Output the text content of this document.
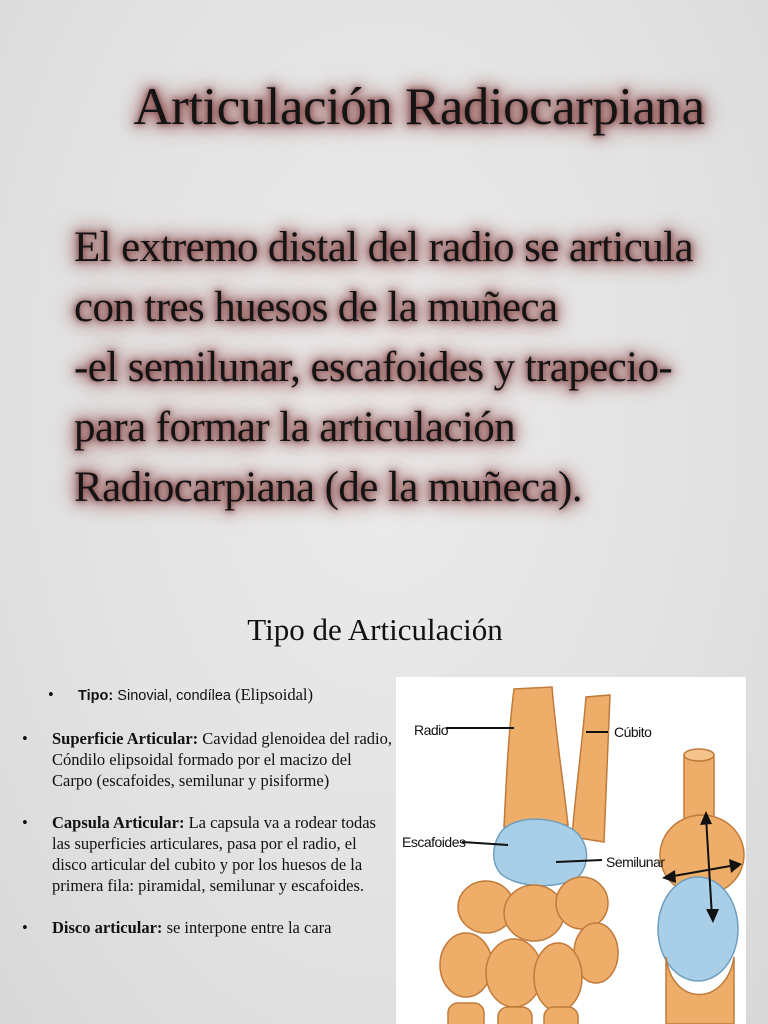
Articulación Radiocarpiana
El extremo distal del radio se articula
con tres huesos de la muñeca
-el semilunar, escafoides y trapecio-
para formar la articulación
Radiocarpiana (de la muñeca).
Tipo de Articulación
• Tipo: Sinovial, condílea (Elipsoidal)
• Superficie Articular: Cavidad glenoidea del radio, Cóndilo elipsoidal formado por el macizo del Carpo (escafoides, semilunar y pisiforme)
• Capsula Articular: La capsula va a rodear todas las superficies articulares, pasa por el radio, el disco articular del cubito y por los huesos de la primera fila: piramidal, semilunar y escafoides.
• Disco articular: se interpone entre la cara
Radio	Cúbito
Escafoides
Semilunar
